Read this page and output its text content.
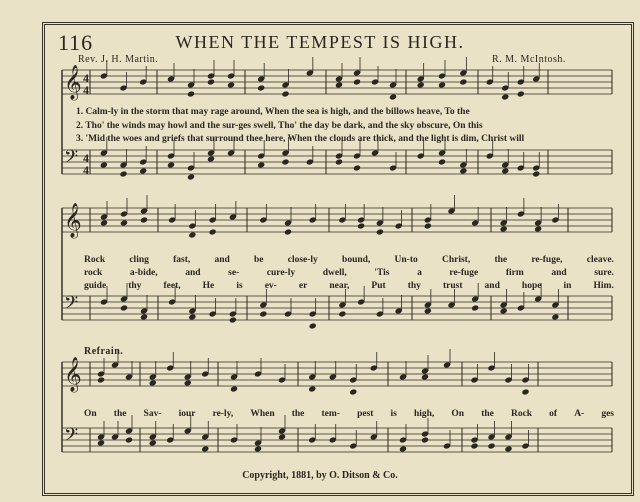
𝄞
𝄢
𝄞
𝄢
𝄞
𝄢
4
4
4
4
116	WHEN THE TEMPEST IS HIGH.
Rev. J. H. Martin.	R. M. McIntosh.
1. Calm-ly in the storm that may rage around, When the sea is high, and the billows heave, To the
2. Tho' the winds may howl and the sur-ges swell, Tho' the day be dark, and the sky obscure, On this
3. 'Mid the woes and griefs that surround thee here, When the clouds are thick, and the light is dim, Christ will
Rock	cling	fast,	and	be	close-ly	bound,	Un-to	Christ,	the	re-fuge,	cleave.
rock	a-bide,	and	se-	cure-ly	dwell,	'Tis	a	re-fuge	firm	and	sure.
guide thy feet, He is ev- er near, Put thy trust and hope in Him.
Refrain.
On the Sav- iour re-ly, When the tem- pest is high, On the Rock of A- ges
Copyright, 1881, by O. Ditson & Co.
